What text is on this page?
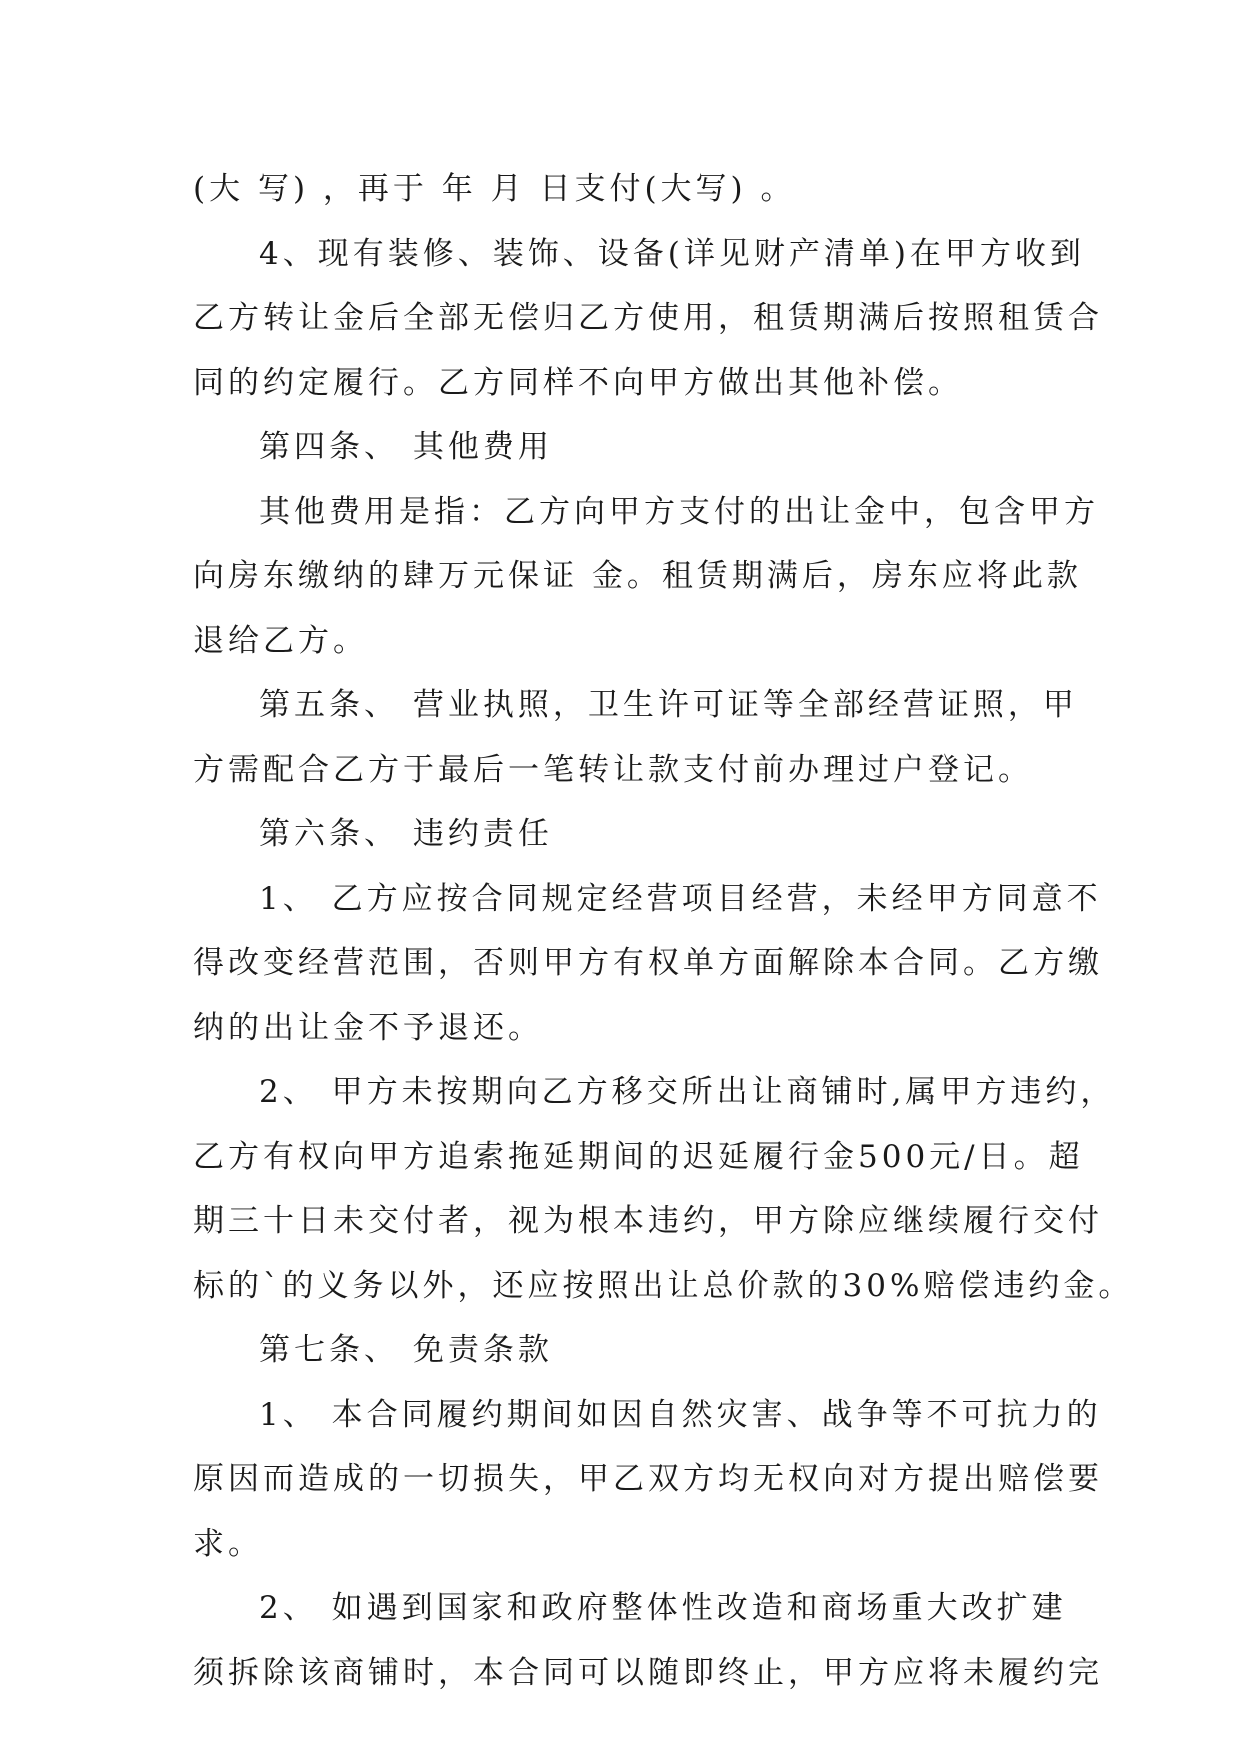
(大 写) ，再于 年 月 日支付(大写) 。
4、现有装修、装饰、设备(详见财产清单)在甲方收到
乙方转让金后全部无偿归乙方使用，租赁期满后按照租赁合
同的约定履行。乙方同样不向甲方做出其他补偿。
第四条、 其他费用
其他费用是指：乙方向甲方支付的出让金中，包含甲方
向房东缴纳的肆万元保证 金。租赁期满后，房东应将此款
退给乙方。
第五条、 营业执照，卫生许可证等全部经营证照，甲
方需配合乙方于最后一笔转让款支付前办理过户登记。
第六条、 违约责任
1、 乙方应按合同规定经营项目经营，未经甲方同意不
得改变经营范围，否则甲方有权单方面解除本合同。乙方缴
纳的出让金不予退还。
2、 甲方未按期向乙方移交所出让商铺时,属甲方违约，
乙方有权向甲方追索拖延期间的迟延履行金500元/日。超
期三十日未交付者，视为根本违约，甲方除应继续履行交付
标的`的义务以外，还应按照出让总价款的30%赔偿违约金。
第七条、 免责条款
1、 本合同履约期间如因自然灾害、战争等不可抗力的
原因而造成的一切损失，甲乙双方均无权向对方提出赔偿要
求。
2、 如遇到国家和政府整体性改造和商场重大改扩建
须拆除该商铺时，本合同可以随即终止，甲方应将未履约完
